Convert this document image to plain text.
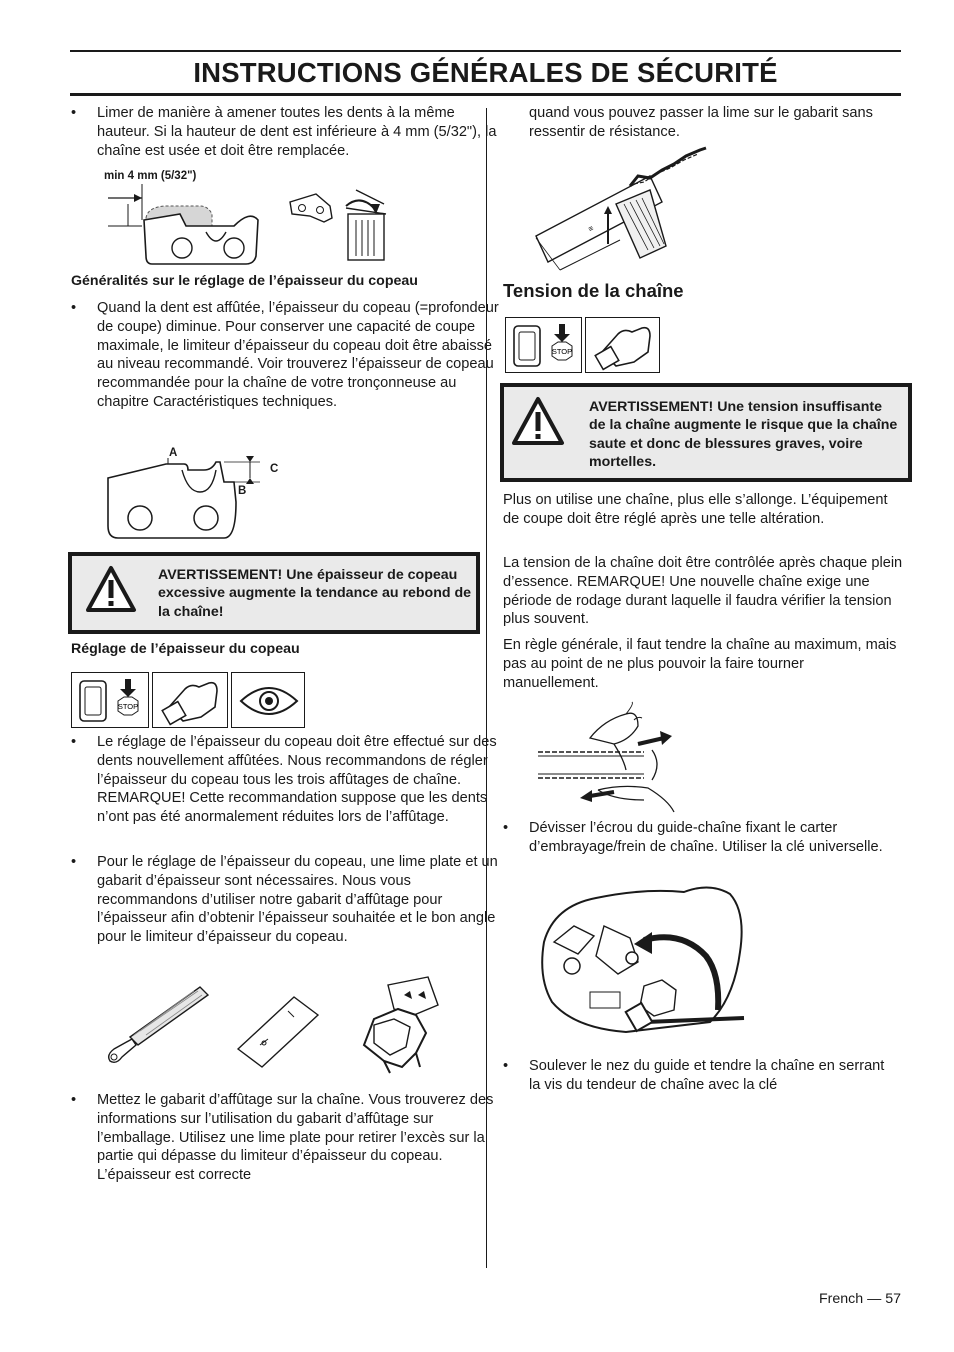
INSTRUCTIONS GÉNÉRALES DE SÉCURITÉ

• Limer de manière à amener toutes les dents à la même hauteur. Si la hauteur de dent est inférieure à 4 mm (5/32"), la chaîne est usée et doit être remplacée.

min 4 mm (5/32")

Généralités sur le réglage de l’épaisseur du copeau

• Quand la dent est affûtée, l’épaisseur du copeau (=profondeur de coupe) diminue. Pour conserver une capacité de coupe maximale, le limiteur d’épaisseur du copeau doit être abaissé au niveau recommandé. Voir trouverez l’épaisseur de copeau recommandée pour la chaîne de votre tronçonneuse au chapitre Caractéristiques techniques.

A
C
B
AVERTISSEMENT! Une épaisseur de copeau excessive augmente la tendance au rebond de la chaîne!

Réglage de l’épaisseur du copeau

STOP

• Le réglage de l’épaisseur du copeau doit être effectué sur des dents nouvellement affûtées. Nous recommandons de régler l’épaisseur du copeau tous les trois affûtages de chaîne. REMARQUE! Cette recommandation suppose que les dents n’ont pas été anormalement réduites lors de l’affûtage.

• Pour le réglage de l’épaisseur du copeau, une lime plate et un gabarit d’épaisseur sont nécessaires. Nous vous recommandons d’utiliser notre gabarit d’affûtage pour l’épaisseur afin d’obtenir l’épaisseur souhaitée et le bon angle pour le limiteur d’épaisseur du copeau.

• Mettez le gabarit d’affûtage sur la chaîne. Vous trouverez des informations sur l’utilisation du gabarit d’affûtage sur l’emballage. Utilisez une lime plate pour retirer l’excès sur la partie qui dépasse du limiteur d’épaisseur du copeau. L’épaisseur est correcte

quand vous pouvez passer la lime sur le gabarit sans ressentir de résistance.

≡
Tension de la chaîne
STOP
AVERTISSEMENT! Une tension insuffisante de la chaîne augmente le risque que la chaîne saute et donc de blessures graves, voire mortelles.

Plus on utilise une chaîne, plus elle s’allonge. L’équipement de coupe doit être réglé après une telle altération.

La tension de la chaîne doit être contrôlée après chaque plein d’essence. REMARQUE! Une nouvelle chaîne exige une période de rodage durant laquelle il faudra vérifier la tension plus souvent.

En règle générale, il faut tendre la chaîne au maximum, mais pas au point de ne plus pouvoir la faire tourner manuellement.

• Dévisser l’écrou du guide-chaîne fixant le carter d’embrayage/frein de chaîne. Utiliser la clé universelle.

• Soulever le nez du guide et tendre la chaîne en serrant la vis du tendeur de chaîne avec la clé

French — 57
